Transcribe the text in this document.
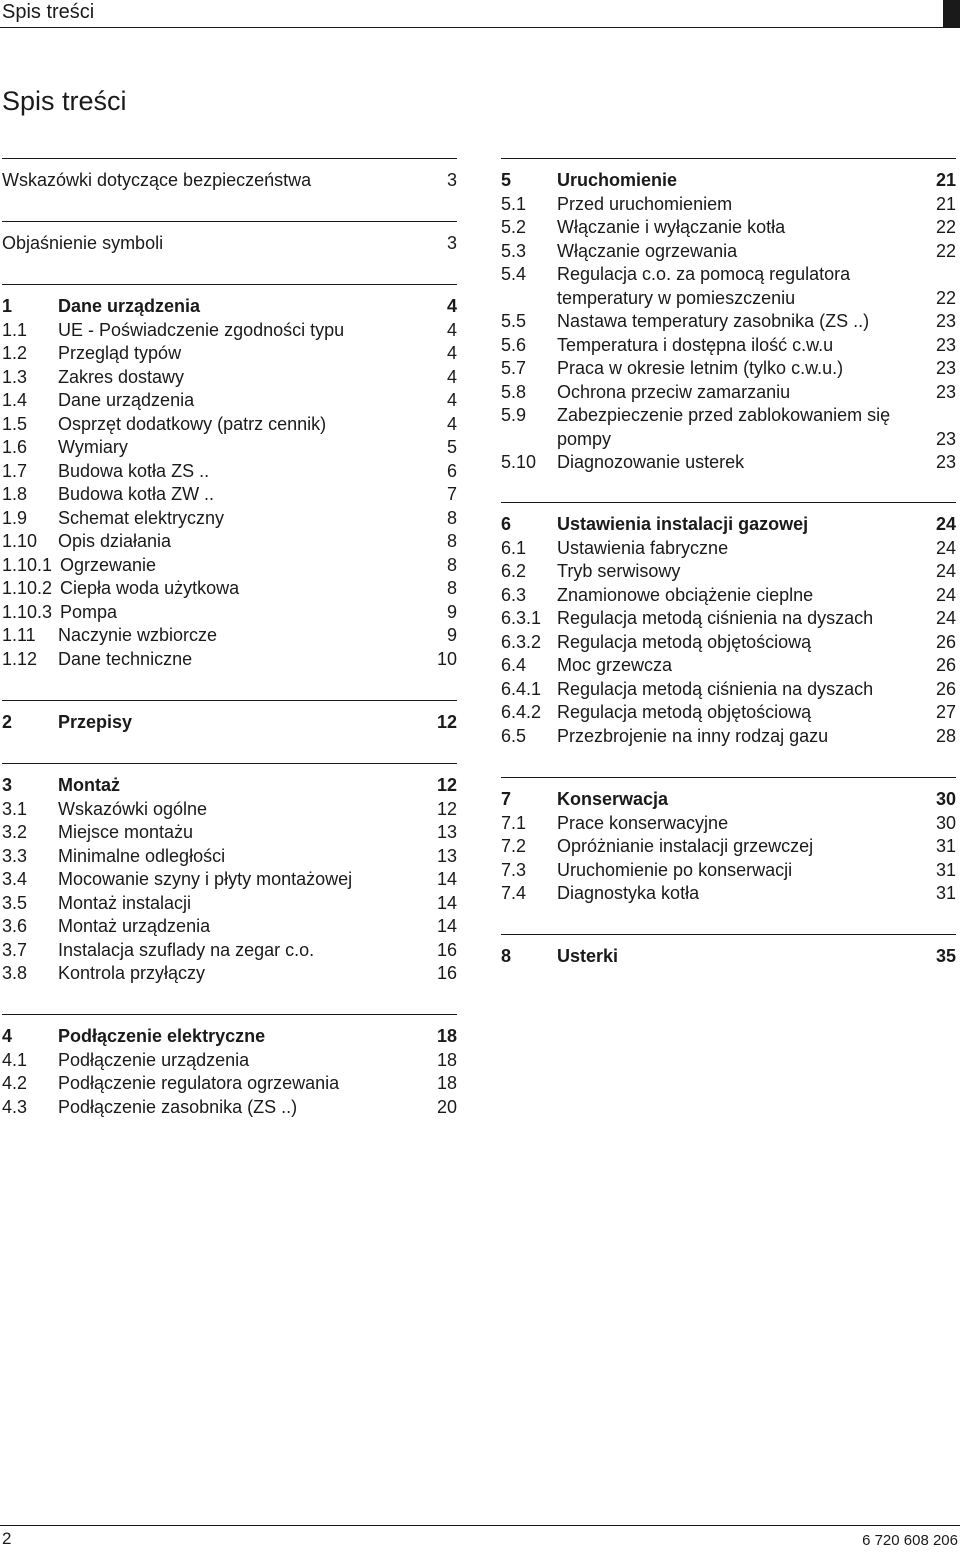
Spis treści
Spis treści
Wskazówki dotyczące bezpieczeństwa	3
Objaśnienie symboli	3
1	Dane urządzenia	4
1.1 UE - Poświadczenie zgodności typu	4
1.2 Przegląd typów	4
1.3 Zakres dostawy	4
1.4 Dane urządzenia	4
1.5 Osprzęt dodatkowy (patrz cennik)	4
1.6 Wymiary	5
1.7 Budowa kotła ZS ..	6
1.8 Budowa kotła ZW ..	7
1.9 Schemat elektryczny	8
1.10 Opis działania	8
1.10.1 Ogrzewanie	8
1.10.2 Ciepła woda użytkowa	8
1.10.3 Pompa	9
1.11 Naczynie wzbiorcze	9
1.12 Dane techniczne	10
2	Przepisy	12
3	Montaż	12
3.1 Wskazówki ogólne	12
3.2 Miejsce montażu	13
3.3 Minimalne odległości	13
3.4 Mocowanie szyny i płyty montażowej	14
3.5 Montaż instalacji	14
3.6 Montaż urządzenia	14
3.7 Instalacja szuflady na zegar c.o.	16
3.8 Kontrola przyłączy	16
4	Podłączenie elektryczne	18
4.1 Podłączenie urządzenia	18
4.2 Podłączenie regulatora ogrzewania	18
4.3 Podłączenie zasobnika (ZS ..)	20
5	Uruchomienie	21
5.1 Przed uruchomieniem	21
5.2 Włączanie i wyłączanie kotła	22
5.3 Włączanie ogrzewania	22
5.4 Regulacja c.o. za pomocą regulatora
temperatury w pomieszczeniu	22
5.5 Nastawa temperatury zasobnika (ZS ..)	23
5.6 Temperatura i dostępna ilość c.w.u	23
5.7 Praca w okresie letnim (tylko c.w.u.)	23
5.8 Ochrona przeciw zamarzaniu	23
5.9 Zabezpieczenie przed zablokowaniem się
pompy	23
5.10 Diagnozowanie usterek	23
6	Ustawienia instalacji gazowej	24
6.1 Ustawienia fabryczne	24
6.2 Tryb serwisowy	24
6.3 Znamionowe obciążenie cieplne	24
6.3.1 Regulacja metodą ciśnienia na dyszach	24
6.3.2 Regulacja metodą objętościową	26
6.4 Moc grzewcza	26
6.4.1 Regulacja metodą ciśnienia na dyszach	26
6.4.2 Regulacja metodą objętościową	27
6.5 Przezbrojenie na inny rodzaj gazu	28
7	Konserwacja	30
7.1 Prace konserwacyjne	30
7.2 Opróżnianie instalacji grzewczej	31
7.3 Uruchomienie po konserwacji	31
7.4 Diagnostyka kotła	31
8	Usterki	35
2	6 720 608 206
